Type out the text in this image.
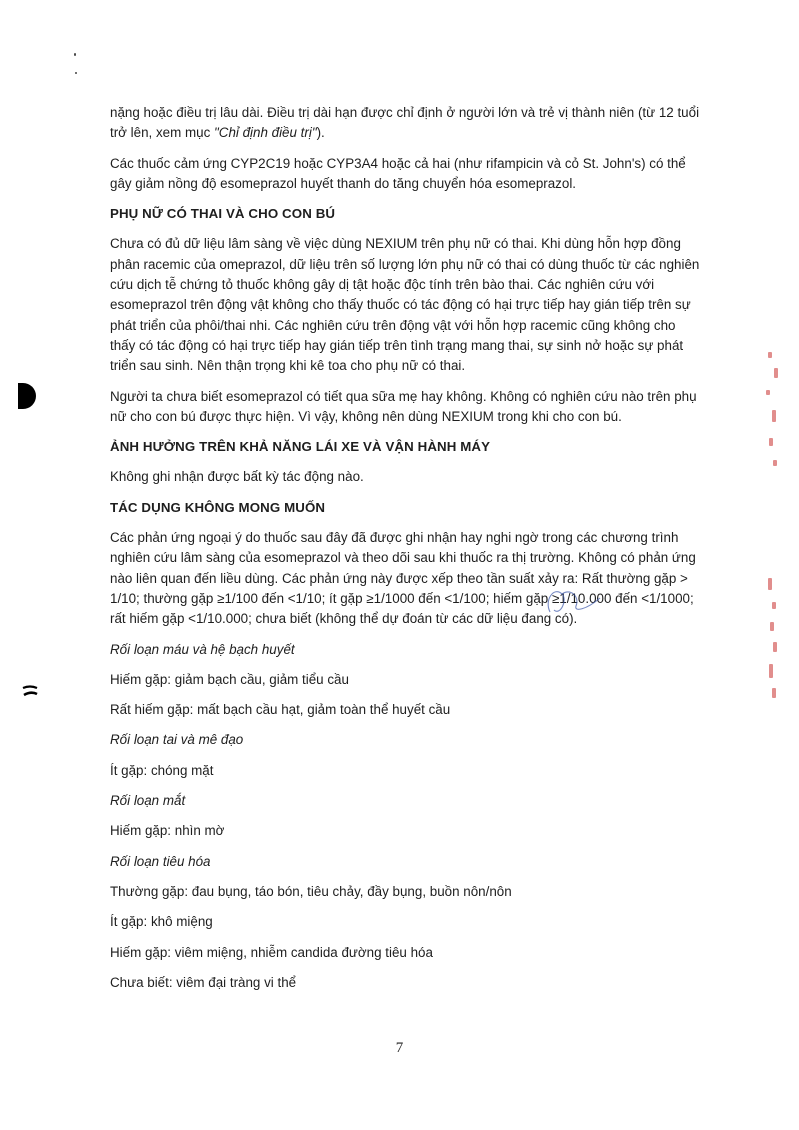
nặng hoặc điều trị lâu dài. Điều trị dài hạn được chỉ định ở người lớn và trẻ vị thành niên (từ 12 tuổi trở lên, xem mục "Chỉ định điều trị").

Các thuốc cảm ứng CYP2C19 hoặc CYP3A4 hoặc cả hai (như rifampicin và cỏ St. John's) có thể gây giảm nồng độ esomeprazol huyết thanh do tăng chuyển hóa esomeprazol.

PHỤ NỮ CÓ THAI VÀ CHO CON BÚ

Chưa có đủ dữ liệu lâm sàng về việc dùng NEXIUM trên phụ nữ có thai. Khi dùng hỗn hợp đồng phân racemic của omeprazol, dữ liệu trên số lượng lớn phụ nữ có thai có dùng thuốc từ các nghiên cứu dịch tễ chứng tỏ thuốc không gây dị tật hoặc độc tính trên bào thai. Các nghiên cứu với esomeprazol trên động vật không cho thấy thuốc có tác động có hại trực tiếp hay gián tiếp trên sự phát triển của phôi/thai nhi. Các nghiên cứu trên động vật với hỗn hợp racemic cũng không cho thấy có tác động có hại trực tiếp hay gián tiếp trên tình trạng mang thai, sự sinh nở hoặc sự phát triển sau sinh. Nên thận trọng khi kê toa cho phụ nữ có thai.

Người ta chưa biết esomeprazol có tiết qua sữa mẹ hay không. Không có nghiên cứu nào trên phụ nữ cho con bú được thực hiện. Vì vậy, không nên dùng NEXIUM trong khi cho con bú.

ẢNH HƯỞNG TRÊN KHẢ NĂNG LÁI XE VÀ VẬN HÀNH MÁY

Không ghi nhận được bất kỳ tác động nào.

TÁC DỤNG KHÔNG MONG MUỐN

Các phản ứng ngoại ý do thuốc sau đây đã được ghi nhận hay nghi ngờ trong các chương trình nghiên cứu lâm sàng của esomeprazol và theo dõi sau khi thuốc ra thị trường. Không có phản ứng nào liên quan đến liều dùng. Các phản ứng này được xếp theo tần suất xảy ra: Rất thường gặp > 1/10; thường gặp ≥1/100 đến <1/10; ít gặp ≥1/1000 đến <1/100; hiếm gặp ≥1/10.000 đến <1/1000; rất hiếm gặp <1/10.000; chưa biết (không thể dự đoán từ các dữ liệu đang có).

Rối loạn máu và hệ bạch huyết

Hiếm gặp: giảm bạch cầu, giảm tiểu cầu

Rất hiếm gặp: mất bạch cầu hạt, giảm toàn thể huyết cầu

Rối loạn tai và mê đạo

Ít gặp: chóng mặt

Rối loạn mắt

Hiếm gặp: nhìn mờ

Rối loạn tiêu hóa

Thường gặp: đau bụng, táo bón, tiêu chảy, đầy bụng, buồn nôn/nôn

Ít gặp: khô miệng

Hiếm gặp: viêm miệng, nhiễm candida đường tiêu hóa

Chưa biết: viêm đại tràng vi thể

7
